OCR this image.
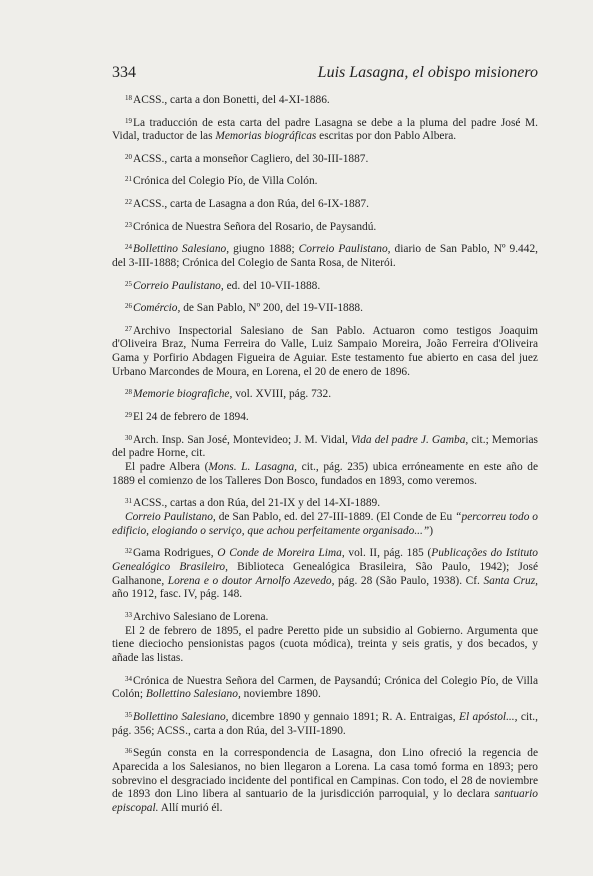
334	Luis Lasagna, el obispo misionero

$^{18}$ACSS., carta a don Bonetti, del 4-XI-1886.

$^{19}$La traducción de esta carta del padre Lasagna se debe a la pluma del padre José M. Vidal, traductor de las Memorias biográficas escritas por don Pablo Albera.

$^{20}$ACSS., carta a monseñor Cagliero, del 30-III-1887.

$^{21}$Crónica del Colegio Pío, de Villa Colón.

$^{22}$ACSS., carta de Lasagna a don Rúa, del 6-IX-1887.

$^{23}$Crónica de Nuestra Señora del Rosario, de Paysandú.

$^{24}$Bollettino Salesiano, giugno 1888; Correio Paulistano, diario de San Pablo, Nº 9.442, del 3-III-1888; Crónica del Colegio de Santa Rosa, de Niterói.

$^{25}$Correio Paulistano, ed. del 10-VII-1888.

$^{26}$Comércio, de San Pablo, Nº 200, del 19-VII-1888.

$^{27}$Archivo Inspectorial Salesiano de San Pablo. Actuaron como testigos Joaquim d'Oliveira Braz, Numa Ferreira do Valle, Luiz Sampaio Moreira, João Ferreira d'Oliveira Gama y Porfirio Abdagen Figueira de Aguiar. Este testamento fue abierto en casa del juez Urbano Marcondes de Moura, en Lorena, el 20 de enero de 1896.

$^{28}$Memorie biografiche, vol. XVIII, pág. 732.

$^{29}$El 24 de febrero de 1894.

$^{30}$Arch. Insp. San José, Montevideo; J. M. Vidal, Vida del padre J. Gamba, cit.; Memorias del padre Horne, cit.

El padre Albera (Mons. L. Lasagna, cit., pág. 235) ubica erróneamente en este año de 1889 el comienzo de los Talleres Don Bosco, fundados en 1893, como veremos.

$^{31}$ACSS., cartas a don Rúa, del 21-IX y del 14-XI-1889.

Correio Paulistano, de San Pablo, ed. del 27-III-1889. (El Conde de Eu “percorreu todo o edificio, elogiando o serviço, que achou perfeitamente organisado...”)

$^{32}$Gama Rodrigues, O Conde de Moreira Lima, vol. II, pág. 185 (Publicações do Istituto Genealógico Brasileiro, Biblioteca Genealógica Brasileira, São Paulo, 1942); José Galhanone, Lorena e o doutor Arnolfo Azevedo, pág. 28 (São Paulo, 1938). Cf. Santa Cruz, año 1912, fasc. IV, pág. 148.

$^{33}$Archivo Salesiano de Lorena.

El 2 de febrero de 1895, el padre Peretto pide un subsidio al Gobierno. Argumenta que tiene dieciocho pensionistas pagos (cuota módica), treinta y seis gratis, y dos becados, y añade las listas.

$^{34}$Crónica de Nuestra Señora del Carmen, de Paysandú; Crónica del Colegio Pío, de Villa Colón; Bollettino Salesiano, noviembre 1890.

$^{35}$Bollettino Salesiano, dicembre 1890 y gennaio 1891; R. A. Entraigas, El apóstol..., cit., pág. 356; ACSS., carta a don Rúa, del 3-VIII-1890.

$^{36}$Según consta en la correspondencia de Lasagna, don Lino ofreció la regencia de Aparecida a los Salesianos, no bien llegaron a Lorena. La casa tomó forma en 1893; pero sobrevino el desgraciado incidente del pontifical en Campinas. Con todo, el 28 de noviembre de 1893 don Lino libera al santuario de la jurisdicción parroquial, y lo declara santuario episcopal. Allí murió él.
